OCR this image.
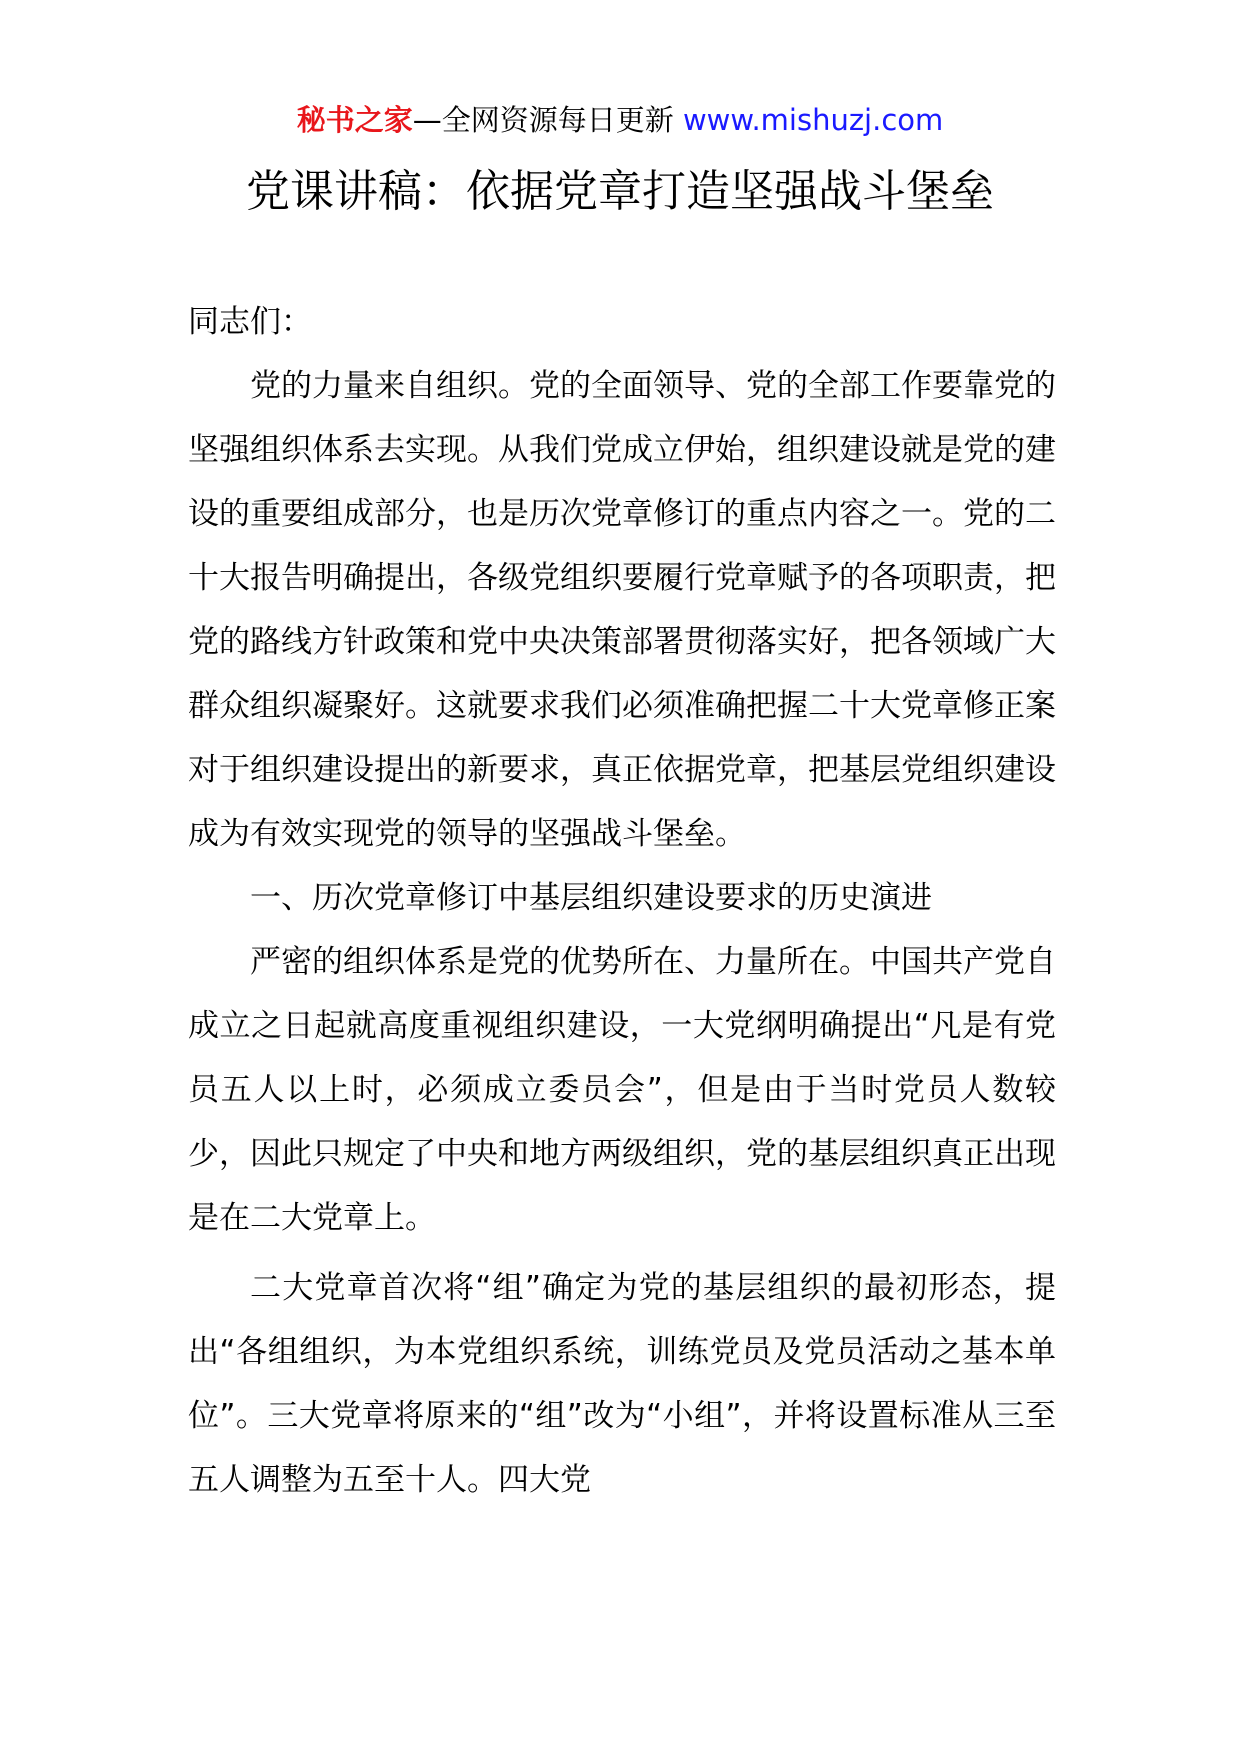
秘书之家—全网资源每日更新 www.mishuzj.com
党课讲稿：依据党章打造坚强战斗堡垒

同志们：

党的力量来自组织。党的全面领导、党的全部工作要靠党的坚强组织体系去实现。从我们党成立伊始，组织建设就是党的建设的重要组成部分，也是历次党章修订的重点内容之一。党的二十大报告明确提出，各级党组织要履行党章赋予的各项职责，把党的路线方针政策和党中央决策部署贯彻落实好，把各领域广大群众组织凝聚好。这就要求我们必须准确把握二十大党章修正案对于组织建设提出的新要求，真正依据党章，把基层党组织建设成为有效实现党的领导的坚强战斗堡垒。

一、历次党章修订中基层组织建设要求的历史演进

严密的组织体系是党的优势所在、力量所在。中国共产党自成立之日起就高度重视组织建设，一大党纲明确提出“凡是有党员五人以上时，必须成立委员会”，但是由于当时党员人数较少，因此只规定了中央和地方两级组织，党的基层组织真正出现是在二大党章上。

二大党章首次将“组”确定为党的基层组织的最初形态，提出“各组组织，为本党组织系统，训练党员及党员活动之基本单位”。三大党章将原来的“组”改为“小组”，并将设置标准从三至五人调整为五至十人。四大党
